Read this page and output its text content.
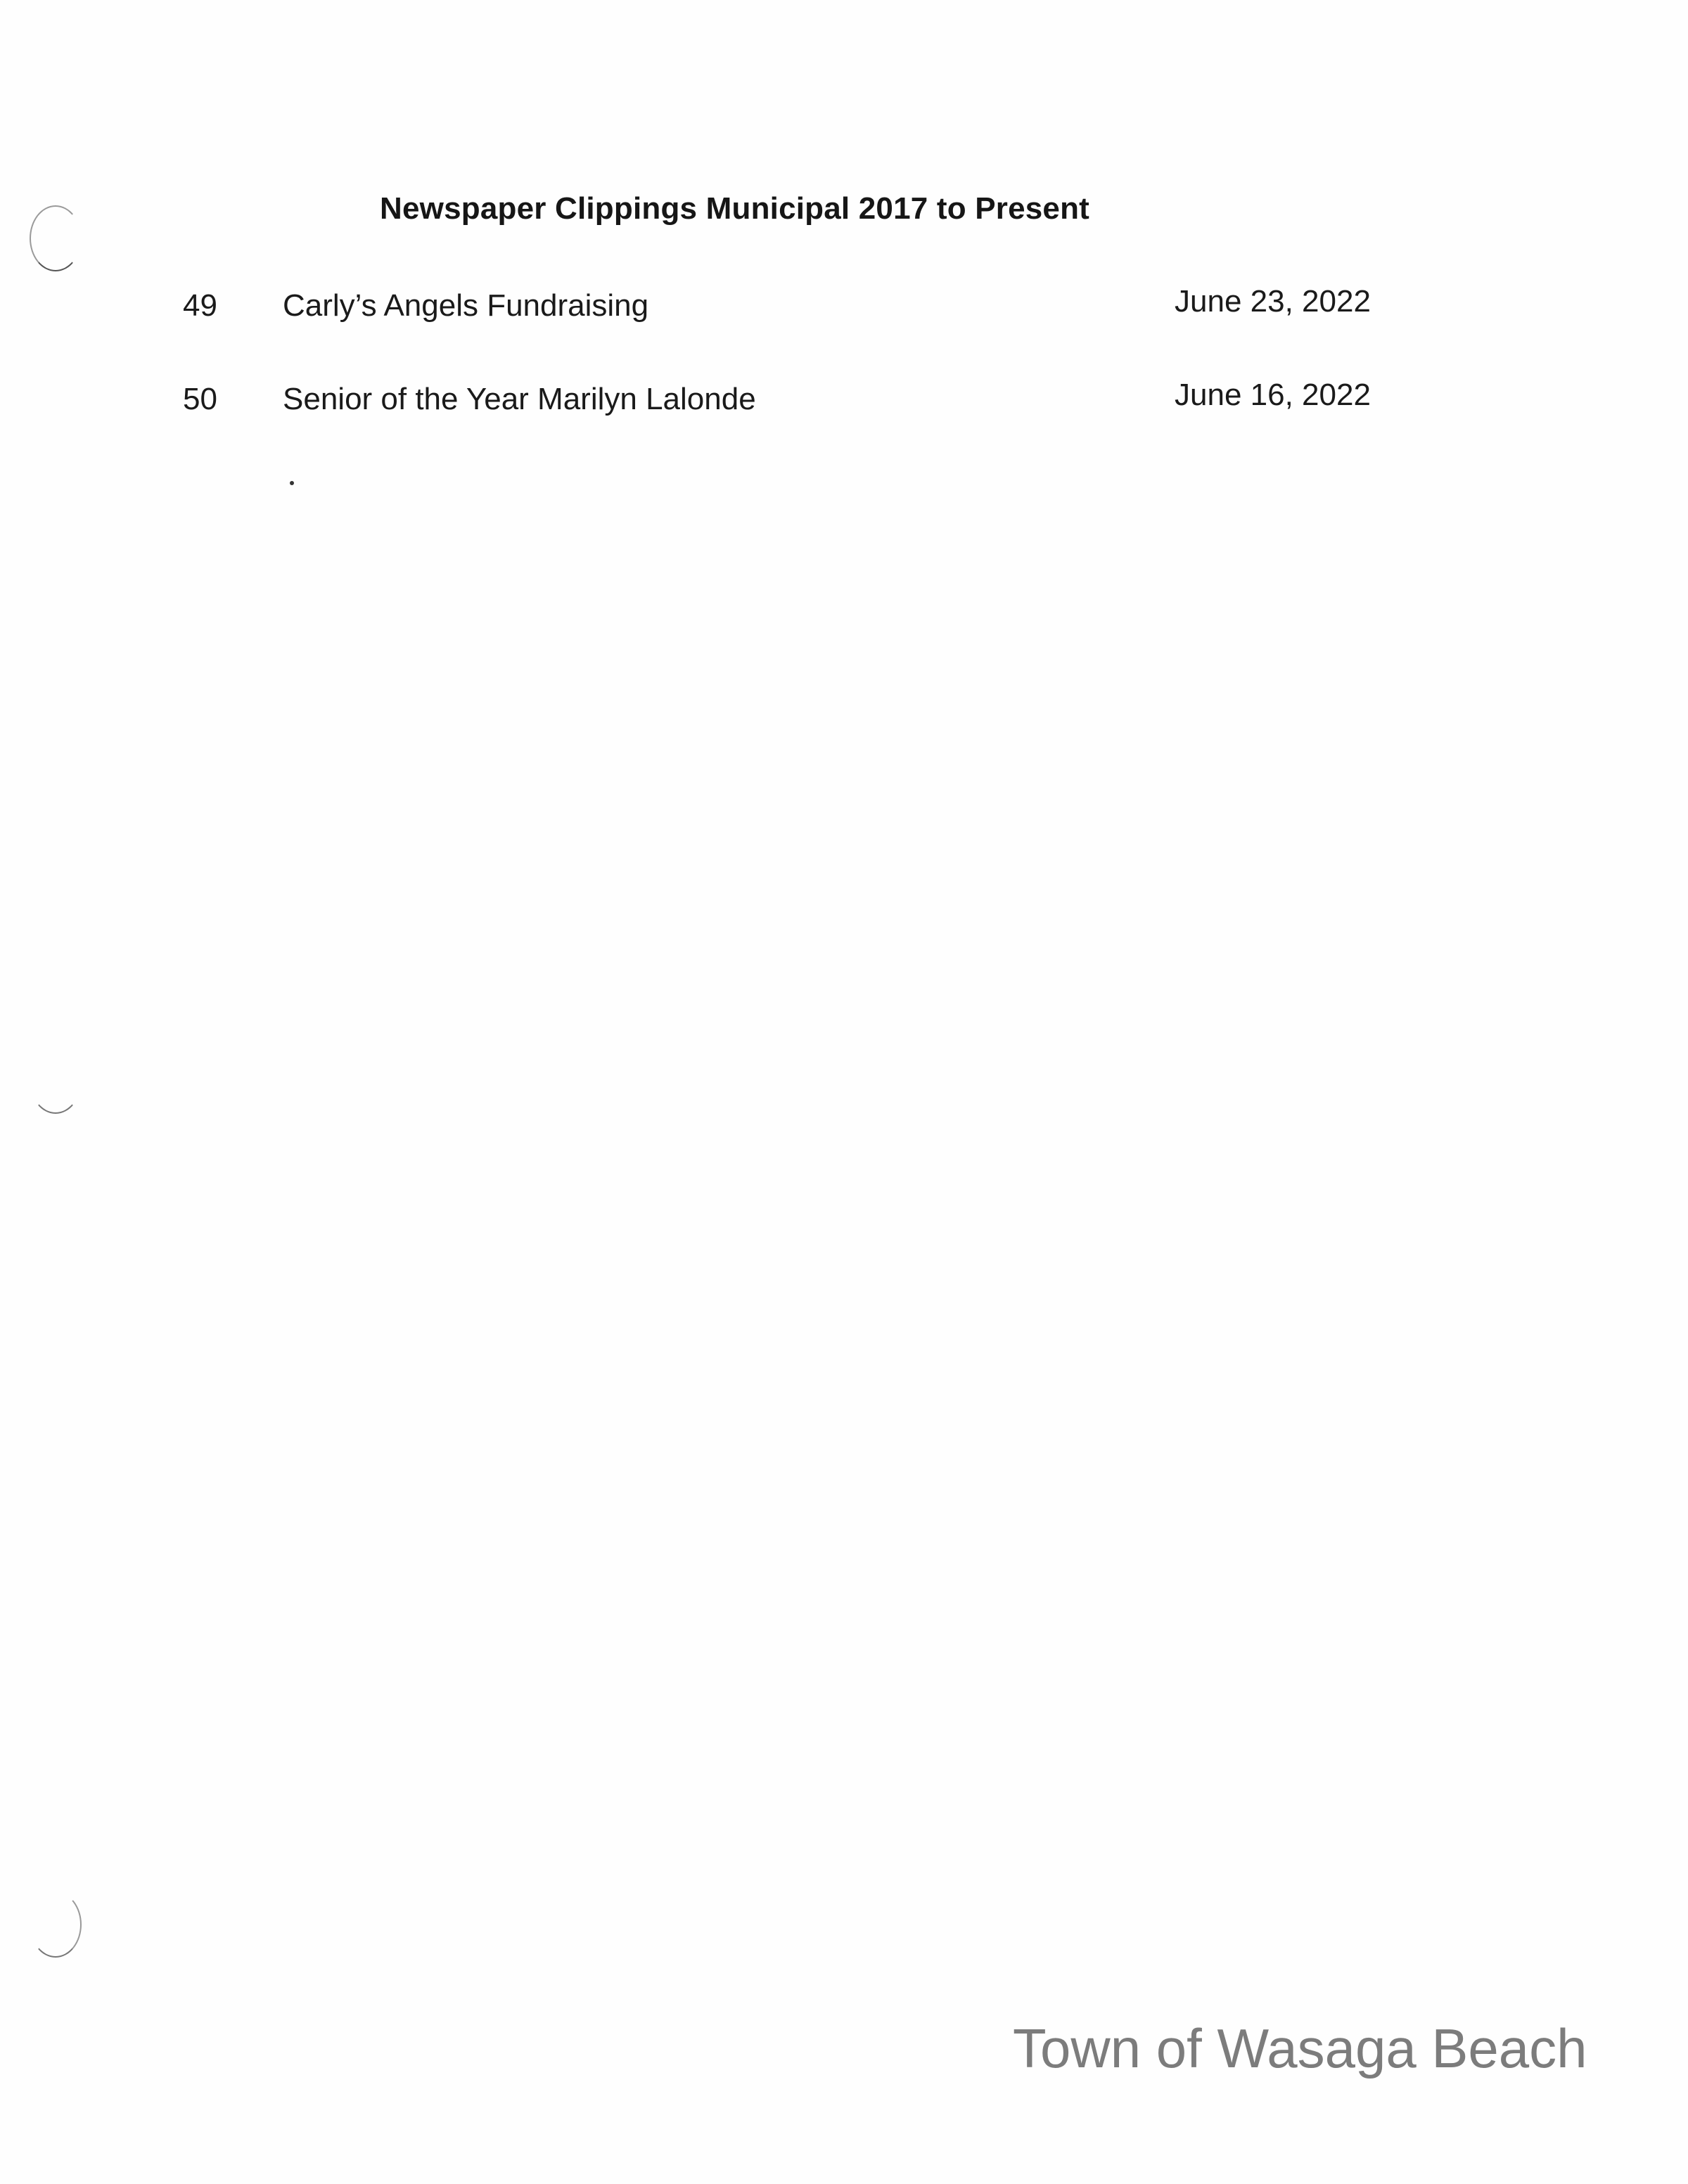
Newspaper Clippings Municipal 2017 to Present
49 Carly’s Angels Fundraising	June 23, 2022
50 Senior of the Year Marilyn Lalonde	June 16, 2022
Town of Wasaga Beach
